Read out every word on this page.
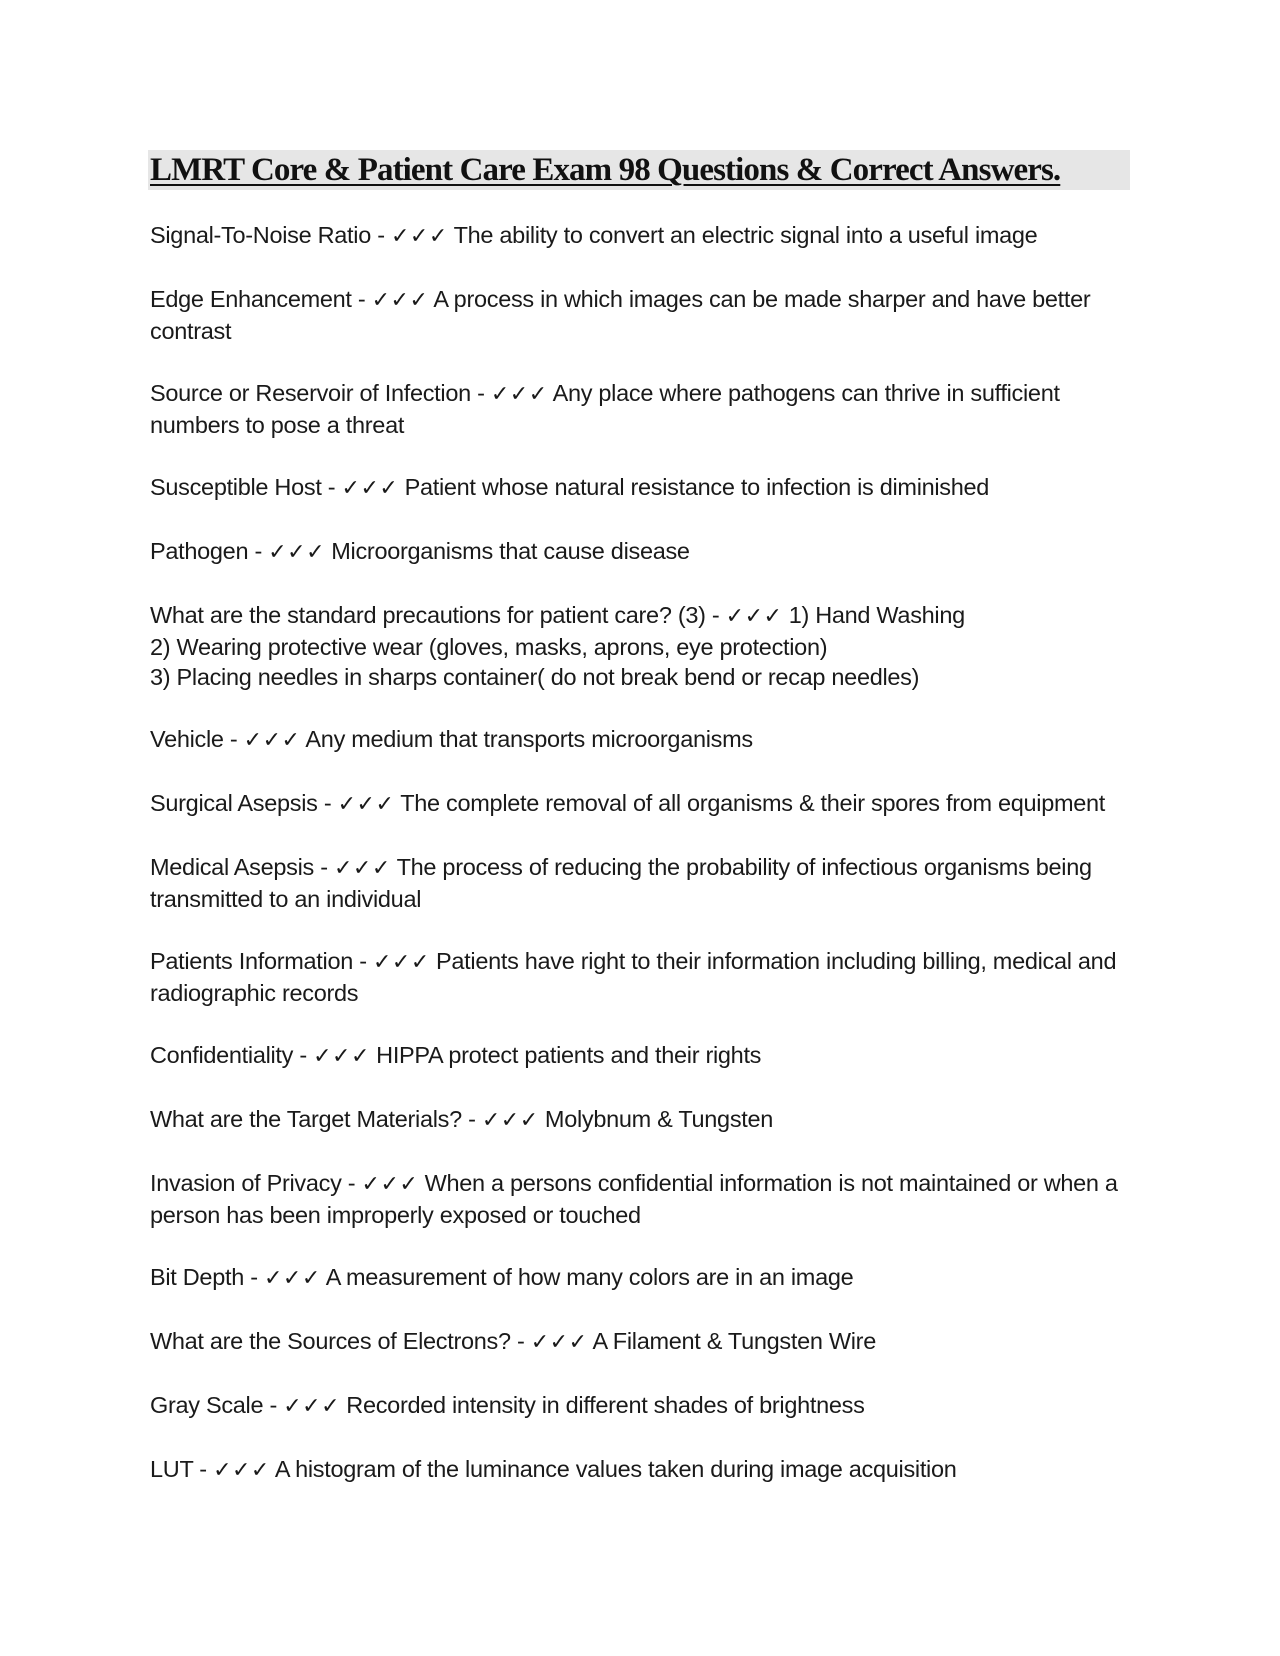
LMRT Core & Patient Care Exam 98 Questions & Correct Answers.

Signal-To-Noise Ratio - ✓✓✓ The ability to convert an electric signal into a useful image

Edge Enhancement - ✓✓✓ A process in which images can be made sharper and have better contrast

Source or Reservoir of Infection - ✓✓✓ Any place where pathogens can thrive in sufficient numbers to pose a threat

Susceptible Host - ✓✓✓ Patient whose natural resistance to infection is diminished

Pathogen - ✓✓✓ Microorganisms that cause disease

What are the standard precautions for patient care? (3) - ✓✓✓ 1) Hand Washing
2) Wearing protective wear (gloves, masks, aprons, eye protection)
3) Placing needles in sharps container( do not break bend or recap needles)

Vehicle - ✓✓✓ Any medium that transports microorganisms

Surgical Asepsis - ✓✓✓ The complete removal of all organisms & their spores from equipment

Medical Asepsis - ✓✓✓ The process of reducing the probability of infectious organisms being transmitted to an individual

Patients Information - ✓✓✓ Patients have right to their information including billing, medical and radiographic records

Confidentiality - ✓✓✓ HIPPA protect patients and their rights

What are the Target Materials? - ✓✓✓ Molybnum & Tungsten

Invasion of Privacy - ✓✓✓ When a persons confidential information is not maintained or when a person has been improperly exposed or touched

Bit Depth - ✓✓✓ A measurement of how many colors are in an image

What are the Sources of Electrons? - ✓✓✓ A Filament & Tungsten Wire

Gray Scale - ✓✓✓ Recorded intensity in different shades of brightness

LUT - ✓✓✓ A histogram of the luminance values taken during image acquisition
